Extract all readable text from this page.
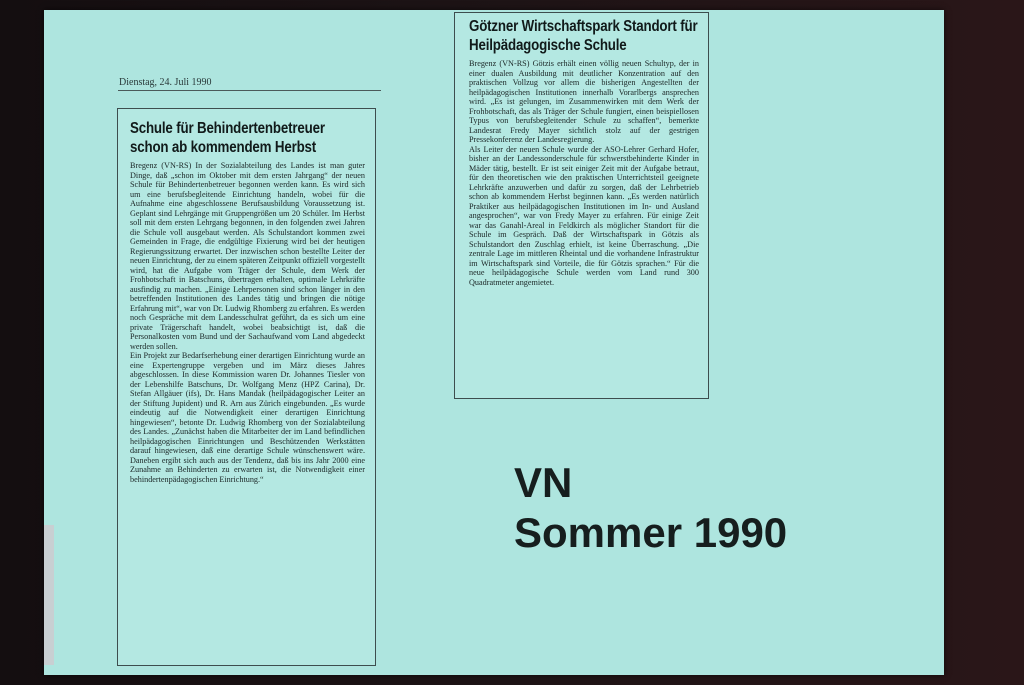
Dienstag, 24. Juli 1990
Schule für Behindertenbetreuer schon ab kommendem Herbst
Bregenz (VN-RS) In der Sozialabteilung des Landes ist man guter Dinge, daß „schon im Oktober mit dem ersten Jahrgang“ der neuen Schule für Behindertenbetreuer begonnen werden kann. Es wird sich um eine berufsbegleitende Einrichtung handeln, wobei für die Aufnahme eine abgeschlossene Berufsausbildung Voraussetzung ist. Geplant sind Lehrgänge mit Gruppengrößen um 20 Schüler. Im Herbst soll mit dem ersten Lehrgang begonnen, in den folgenden zwei Jahren die Schule voll ausgebaut werden. Als Schulstandort kommen zwei Gemeinden in Frage, die endgültige Fixierung wird bei der heutigen Regierungssitzung erwartet. Der inzwischen schon bestellte Leiter der neuen Einrichtung, der zu einem späteren Zeitpunkt offiziell vorgestellt wird, hat die Aufgabe vom Träger der Schule, dem Werk der Frohbotschaft in Batschuns, übertragen erhalten, optimale Lehrkräfte ausfindig zu machen. „Einige Lehrpersonen sind schon länger in den betreffenden Institutionen des Landes tätig und bringen die nötige Erfahrung mit“, war von Dr. Ludwig Rhomberg zu erfahren. Es werden noch Gespräche mit dem Landesschulrat geführt, da es sich um eine private Trägerschaft handelt, wobei beabsichtigt ist, daß die Personalkosten vom Bund und der Sachaufwand vom Land abgedeckt werden sollen.
Ein Projekt zur Bedarfserhebung einer derartigen Einrichtung wurde an eine Expertengruppe vergeben und im März dieses Jahres abgeschlossen. In diese Kommission waren Dr. Johannes Tiesler von der Lebenshilfe Batschuns, Dr. Wolfgang Menz (HPZ Carina), Dr. Stefan Allgäuer (ifs), Dr. Hans Mandak (heilpädagogischer Leiter an der Stiftung Jupident) und R. Arn aus Zürich eingebunden. „Es wurde eindeutig auf die Notwendigkeit einer derartigen Einrichtung hingewiesen“, betonte Dr. Ludwig Rhomberg von der Sozialabteilung des Landes. „Zunächst haben die Mitarbeiter der im Land befindlichen heilpädagogischen Einrichtungen und Beschützenden Werkstätten darauf hingewiesen, daß eine derartige Schule wünschenswert wäre. Daneben ergibt sich auch aus der Tendenz, daß bis ins Jahr 2000 eine Zunahme an Behinderten zu erwarten ist, die Notwendigkeit einer behindertenpädagogischen Einrichtung.“
Götzner Wirtschaftspark Standort für Heilpädagogische Schule
Bregenz (VN-RS) Götzis erhält einen völlig neuen Schultyp, der in einer dualen Ausbildung mit deutlicher Konzentration auf den praktischen Vollzug vor allem die bisherigen Angestellten der heilpädagogischen Institutionen innerhalb Vorarlbergs ansprechen wird. „Es ist gelungen, im Zusammenwirken mit dem Werk der Frohbotschaft, das als Träger der Schule fungiert, einen beispiellosen Typus von berufsbegleitender Schule zu schaffen“, bemerkte Landesrat Fredy Mayer sichtlich stolz auf der gestrigen Pressekonferenz der Landesregierung.
Als Leiter der neuen Schule wurde der ASO-Lehrer Gerhard Hofer, bisher an der Landessonderschule für schwerstbehinderte Kinder in Mäder tätig, bestellt. Er ist seit einiger Zeit mit der Aufgabe betraut, für den theoretischen wie den praktischen Unterrichtsteil geeignete Lehrkräfte anzuwerben und dafür zu sorgen, daß der Lehrbetrieb schon ab kommendem Herbst beginnen kann. „Es werden natürlich Praktiker aus heilpädagogischen Institutionen im In- und Ausland angesprochen“, war von Fredy Mayer zu erfahren. Für einige Zeit war das Ganahl-Areal in Feldkirch als möglicher Standort für die Schule im Gespräch. Daß der Wirtschaftspark in Götzis als Schulstandort den Zuschlag erhielt, ist keine Überraschung. „Die zentrale Lage im mittleren Rheintal und die vorhandene Infrastruktur im Wirtschaftspark sind Vorteile, die für Götzis sprachen.“ Für die neue heilpädagogische Schule werden vom Land rund 300 Quadratmeter angemietet.
VN
Sommer 1990
